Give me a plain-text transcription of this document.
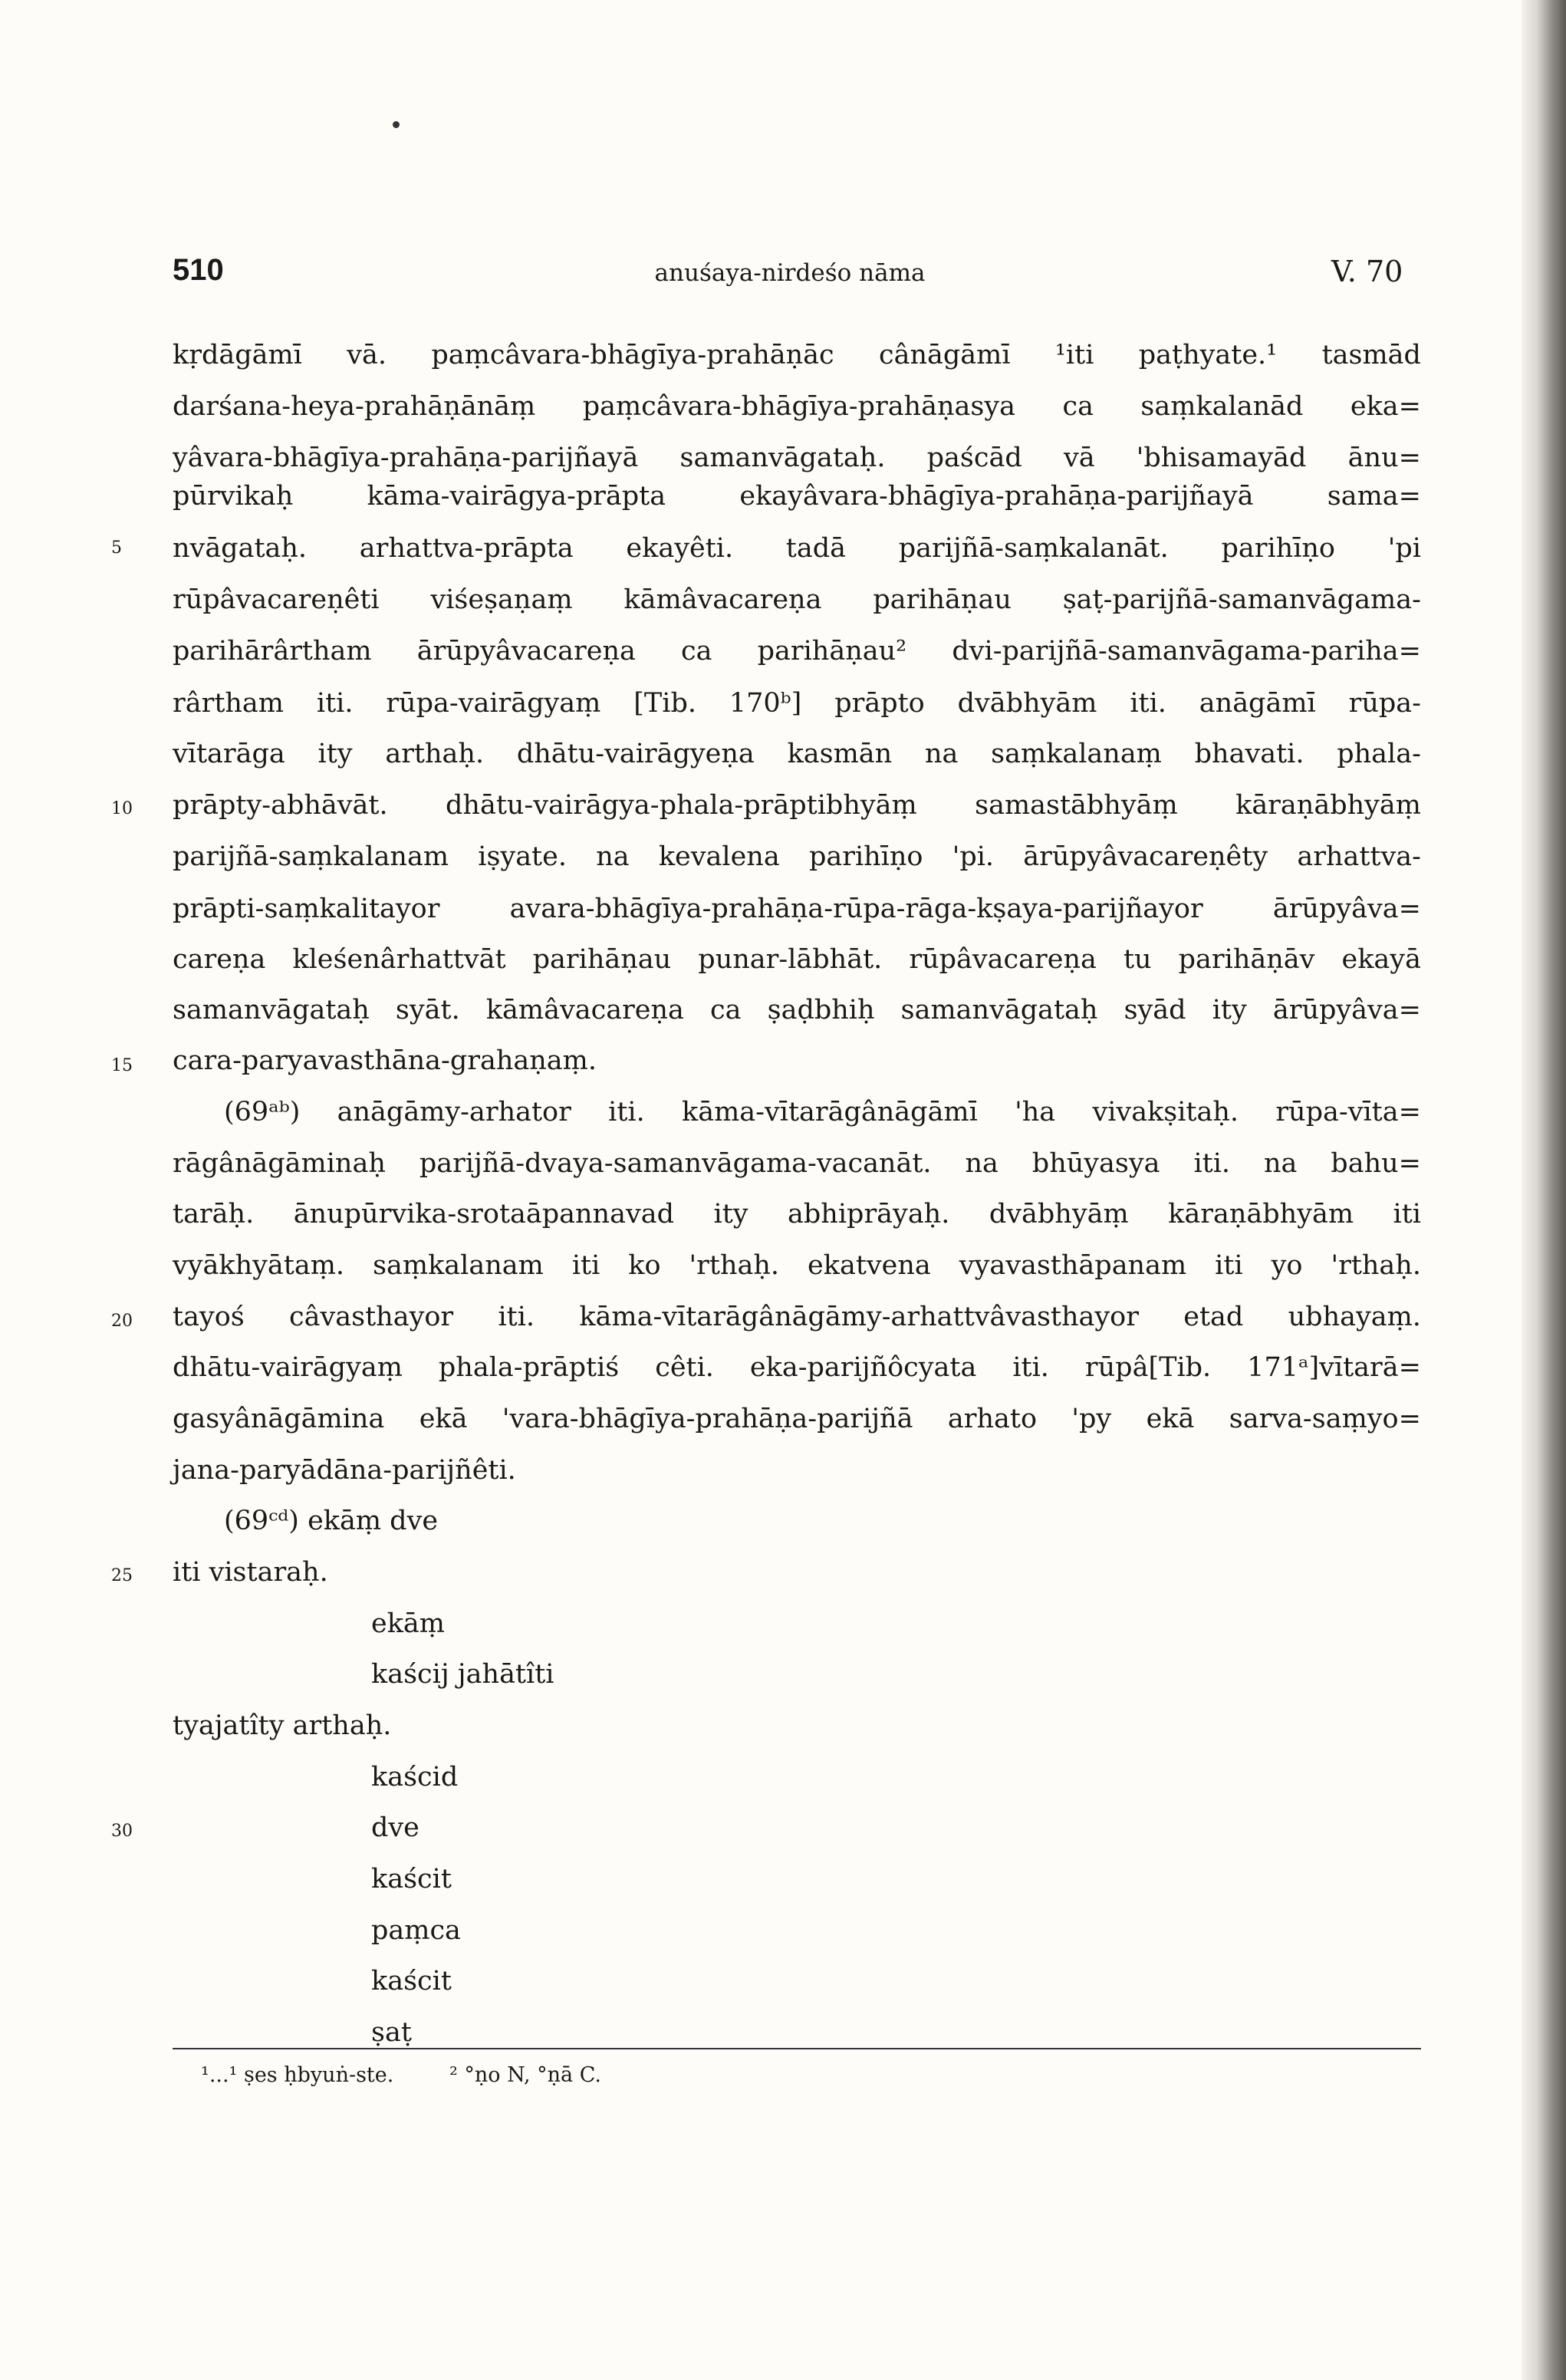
510	anuśaya-nirdeśo nāma	V. 70
5
10
15
20
25
30
kṛdāgāmī vā. paṃcâvara-bhāgīya-prahāṇāc cânāgāmī ¹iti paṭhyate.¹ tasmād
darśana-heya-prahāṇānāṃ paṃcâvara-bhāgīya-prahāṇasya ca saṃkalanād eka=
yâvara-bhāgīya-prahāṇa-parijñayā samanvāgataḥ. paścād vā 'bhisamayād ānu=
pūrvikaḥ	kāma-vairāgya-prāpta	ekayâvara-bhāgīya-prahāṇa-parijñayā	sama=
nvāgataḥ. arhattva-prāpta ekayêti. tadā parijñā-saṃkalanāt. parihīṇo 'pi
rūpâvacareṇêti viśeṣaṇaṃ kāmâvacareṇa parihāṇau ṣaṭ-parijñā-samanvāgama-
parihārârtham ārūpyâvacareṇa ca parihāṇau² dvi-parijñā-samanvāgama-pariha=
rârtham iti. rūpa-vairāgyaṃ [Tib. 170ᵇ] prāpto dvābhyām iti. anāgāmī rūpa-
vītarāga ity arthaḥ. dhātu-vairāgyeṇa kasmān na saṃkalanaṃ bhavati. phala-
prāpty-abhāvāt. dhātu-vairāgya-phala-prāptibhyāṃ samastābhyāṃ kāraṇābhyāṃ
parijñā-saṃkalanam iṣyate. na kevalena parihīṇo 'pi. ārūpyâvacareṇêty arhattva-
prāpti-saṃkalitayor	avara-bhāgīya-prahāṇa-rūpa-rāga-kṣaya-parijñayor	ārūpyâva=
careṇa kleśenârhattvāt parihāṇau punar-lābhāt. rūpâvacareṇa tu parihāṇāv ekayā
samanvāgataḥ syāt. kāmâvacareṇa ca ṣaḍbhiḥ samanvāgataḥ syād ity ārūpyâva=
cara-paryavasthāna-grahaṇaṃ.
(69ᵃᵇ) anāgāmy-arhator iti. kāma-vītarāgânāgāmī 'ha vivakṣitaḥ. rūpa-vīta=
rāgânāgāminaḥ parijñā-dvaya-samanvāgama-vacanāt. na bhūyasya iti. na bahu=
tarāḥ. ānupūrvika-srotaāpannavad ity abhiprāyaḥ. dvābhyāṃ kāraṇābhyām iti
vyākhyātaṃ. saṃkalanam iti ko 'rthaḥ. ekatvena vyavasthāpanam iti yo 'rthaḥ.
tayoś câvasthayor iti. kāma-vītarāgânāgāmy-arhattvâvasthayor etad ubhayaṃ.
dhātu-vairāgyaṃ phala-prāptiś cêti. eka-parijñôcyata iti. rūpâ[Tib. 171ᵃ]vītarā=
gasyânāgāmina ekā 'vara-bhāgīya-prahāṇa-parijñā arhato 'py ekā sarva-saṃyo=
jana-paryādāna-parijñêti.
(69ᶜᵈ) ekāṃ dve
iti vistaraḥ.
ekāṃ
kaścij jahātîti
tyajatîty arthaḥ.
kaścid
dve
kaścit
paṃca
kaścit
ṣaṭ
¹...¹ ṣes ḥbyuṅ-ste.	² °ṇo N, °ṇā C.
